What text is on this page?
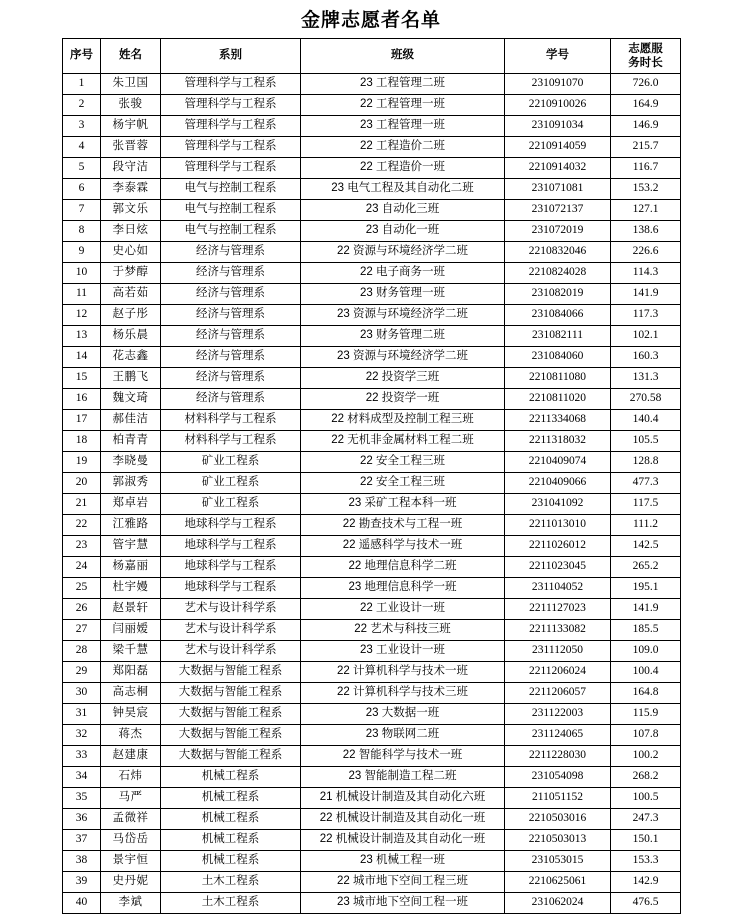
金牌志愿者名单
序号	姓名	系别	班级	学号	志愿服
务时长

1	朱卫国	管理科学与工程系	23 工程管理二班	231091070	726.0
2	张骏	管理科学与工程系	22 工程管理一班	2210910026	164.9
3	杨宇帆	管理科学与工程系	23 工程管理一班	231091034	146.9
4	张晋蓉	管理科学与工程系	22 工程造价二班	2210914059	215.7
5	段守洁	管理科学与工程系	22 工程造价一班	2210914032	116.7
6	李泰霖	电气与控制工程系	23 电气工程及其自动化二班	231071081	153.2
7	郭文乐	电气与控制工程系	23 自动化三班	231072137	127.1
8	李日炫	电气与控制工程系	23 自动化一班	231072019	138.6
9	史心如	经济与管理系	22 资源与环境经济学二班	2210832046	226.6
10	于梦醇	经济与管理系	22 电子商务一班	2210824028	114.3
11	高若茹	经济与管理系	23 财务管理一班	231082019	141.9
12	赵子彤	经济与管理系	23 资源与环境经济学二班	231084066	117.3
13	杨乐晨	经济与管理系	23 财务管理二班	231082111	102.1
14	花志鑫	经济与管理系	23 资源与环境经济学二班	231084060	160.3
15	王鹏飞	经济与管理系	22 投资学三班	2210811080	131.3
16	魏文琦	经济与管理系	22 投资学一班	2210811020	270.58
17	郝佳洁	材料科学与工程系	22 材料成型及控制工程三班	2211334068	140.4
18	柏青青	材料科学与工程系	22 无机非金属材料工程二班	2211318032	105.5
19	李晓曼	矿业工程系	22 安全工程三班	2210409074	128.8
20	郭淑秀	矿业工程系	22 安全工程三班	2210409066	477.3
21	郑卓岩	矿业工程系	23 采矿工程本科一班	231041092	117.5
22	江雅路	地球科学与工程系	22 勘查技术与工程一班	2211013010	111.2
23	管宇慧	地球科学与工程系	22 遥感科学与技术一班	2211026012	142.5
24	杨嘉丽	地球科学与工程系	22 地理信息科学二班	2211023045	265.2
25	杜宇嫚	地球科学与工程系	23 地理信息科学一班	231104052	195.1
26	赵景轩	艺术与设计科学系	22 工业设计一班	2211127023	141.9
27	闫丽嫒	艺术与设计科学系	22 艺术与科技三班	2211133082	185.5
28	梁千慧	艺术与设计科学系	23 工业设计一班	231112050	109.0
29	郑阳磊	大数据与智能工程系	22 计算机科学与技术一班	2211206024	100.4
30	高志桐	大数据与智能工程系	22 计算机科学与技术三班	2211206057	164.8
31	钟昊宸	大数据与智能工程系	23 大数据一班	231122003	115.9
32	蒋杰	大数据与智能工程系	23 物联网二班	231124065	107.8
33	赵建康	大数据与智能工程系	22 智能科学与技术一班	2211228030	100.2
34	石炜	机械工程系	23 智能制造工程二班	231054098	268.2
35	马严	机械工程系	21 机械设计制造及其自动化六班	211051152	100.5
36	孟微祥	机械工程系	22 机械设计制造及其自动化一班	2210503016	247.3
37	马岱岳	机械工程系	22 机械设计制造及其自动化一班	2210503013	150.1
38	景宇恒	机械工程系	23 机械工程一班	231053015	153.3
39	史丹妮	土木工程系	22 城市地下空间工程三班	2210625061	142.9
40	李斌	土木工程系	23 城市地下空间工程一班	231062024	476.5
